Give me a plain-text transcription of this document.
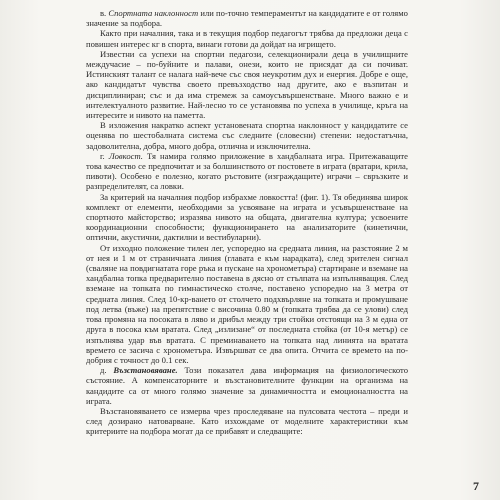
в. Спортната наклонност или по-точно темпераментът на кандидатите е от голямо значение за подбора.

Както при началния, така и в текущия подбор педагогът трябва да предложи деца с повишен интерес кг в спорта, винаги готови да дойдат на игрището.

Известни са успехи на спортни педагози, селекционирали деца в училищните междучасие – по-буйните и палави, онези, които не присядат да си почиват. Истинският талант се налага най-вече със своя неукротим дух и енергия. Добре е още, ако кандидатът чувства своето превъзходство над другите, ако е възпитан и дисциплиниран; със и да има стремеж за самоусъвършенстване. Много важно е и интелектуалното развитие. Най-лесно то се установява по успеха в училище, кръга на интересите и нивото на паметта.

В изложения накратко аспект установената спортна наклонност у кандидатите се оценява по шестобалната система със следните (словесни) степени: недостатъчна, задоволителна, добра, много добра, отлична и изключителна.

г. Ловкост. Тя намира голямо приложение в хандбалната игра. Притежаващите това качество се предпочитат и за болшинството от постовете в играта (вратари, крила, пивоти). Особено е полезно, когато ръстовите (изграждащите) играчи – свръзките и разпределителят, са ловки.

За критерий на началния подбор избрахме ловкостта! (фиг. 1). Тя обединява широк комплект от елементи, необходими за усвояване на играта и усъвършенстване на спортното майсторство; изразява нивото на общата, двигателна култура; усвоените координационни способности; функционирането на анализаторите (кинетични, оптични, акустични, дактилни и вестибуларни).

От изходно положение тилен лег, успоредно на средната линия, на разстояние 2 м от нея и 1 м от страничната линия (главата е към нарадката), след зрителен сигнал (сваляне на повдигнатата горе ръка и пускане на хронометъра) стартиране и вземане на хандбална топка предварително поставена в дясно от стълпата на изпълняващия. След вземане на топката по гимнастическо столче, поставено успоредно на 3 метра от средната линия. След 10-кр-ването от столчето подхвърляне на топката и промушване под летва (въже) на препятствие с височина 0.80 м (топката трябва да се улови) след това промяна на посоката в ляво и дрибъл между три стойки отстоящи на 3 м една от друга в посока към вратата. След „излизане“ от последната стойка (от 10-я метър) се изпълнява удар във вратата. С преминаването на топката над линията на вратата времето се засича с хронометъра. Извършват се два опита. Отчита се времето на по-добрия с точност до 0.1 сек.

д. Възстановяване. Този показател дава информация на физиологическото състояние. А компенсаторните и възстановителните функции на организма на кандидите са от много голямо значение за динамичността и емоционалността на играта.

Възстановяването се измерва чрез проследяване на пулсовата честота – преди и след дозирано натоварване. Като изхождаме от моделните характеристики към критериите на подбора могат да се прибавят и следващите:

7
